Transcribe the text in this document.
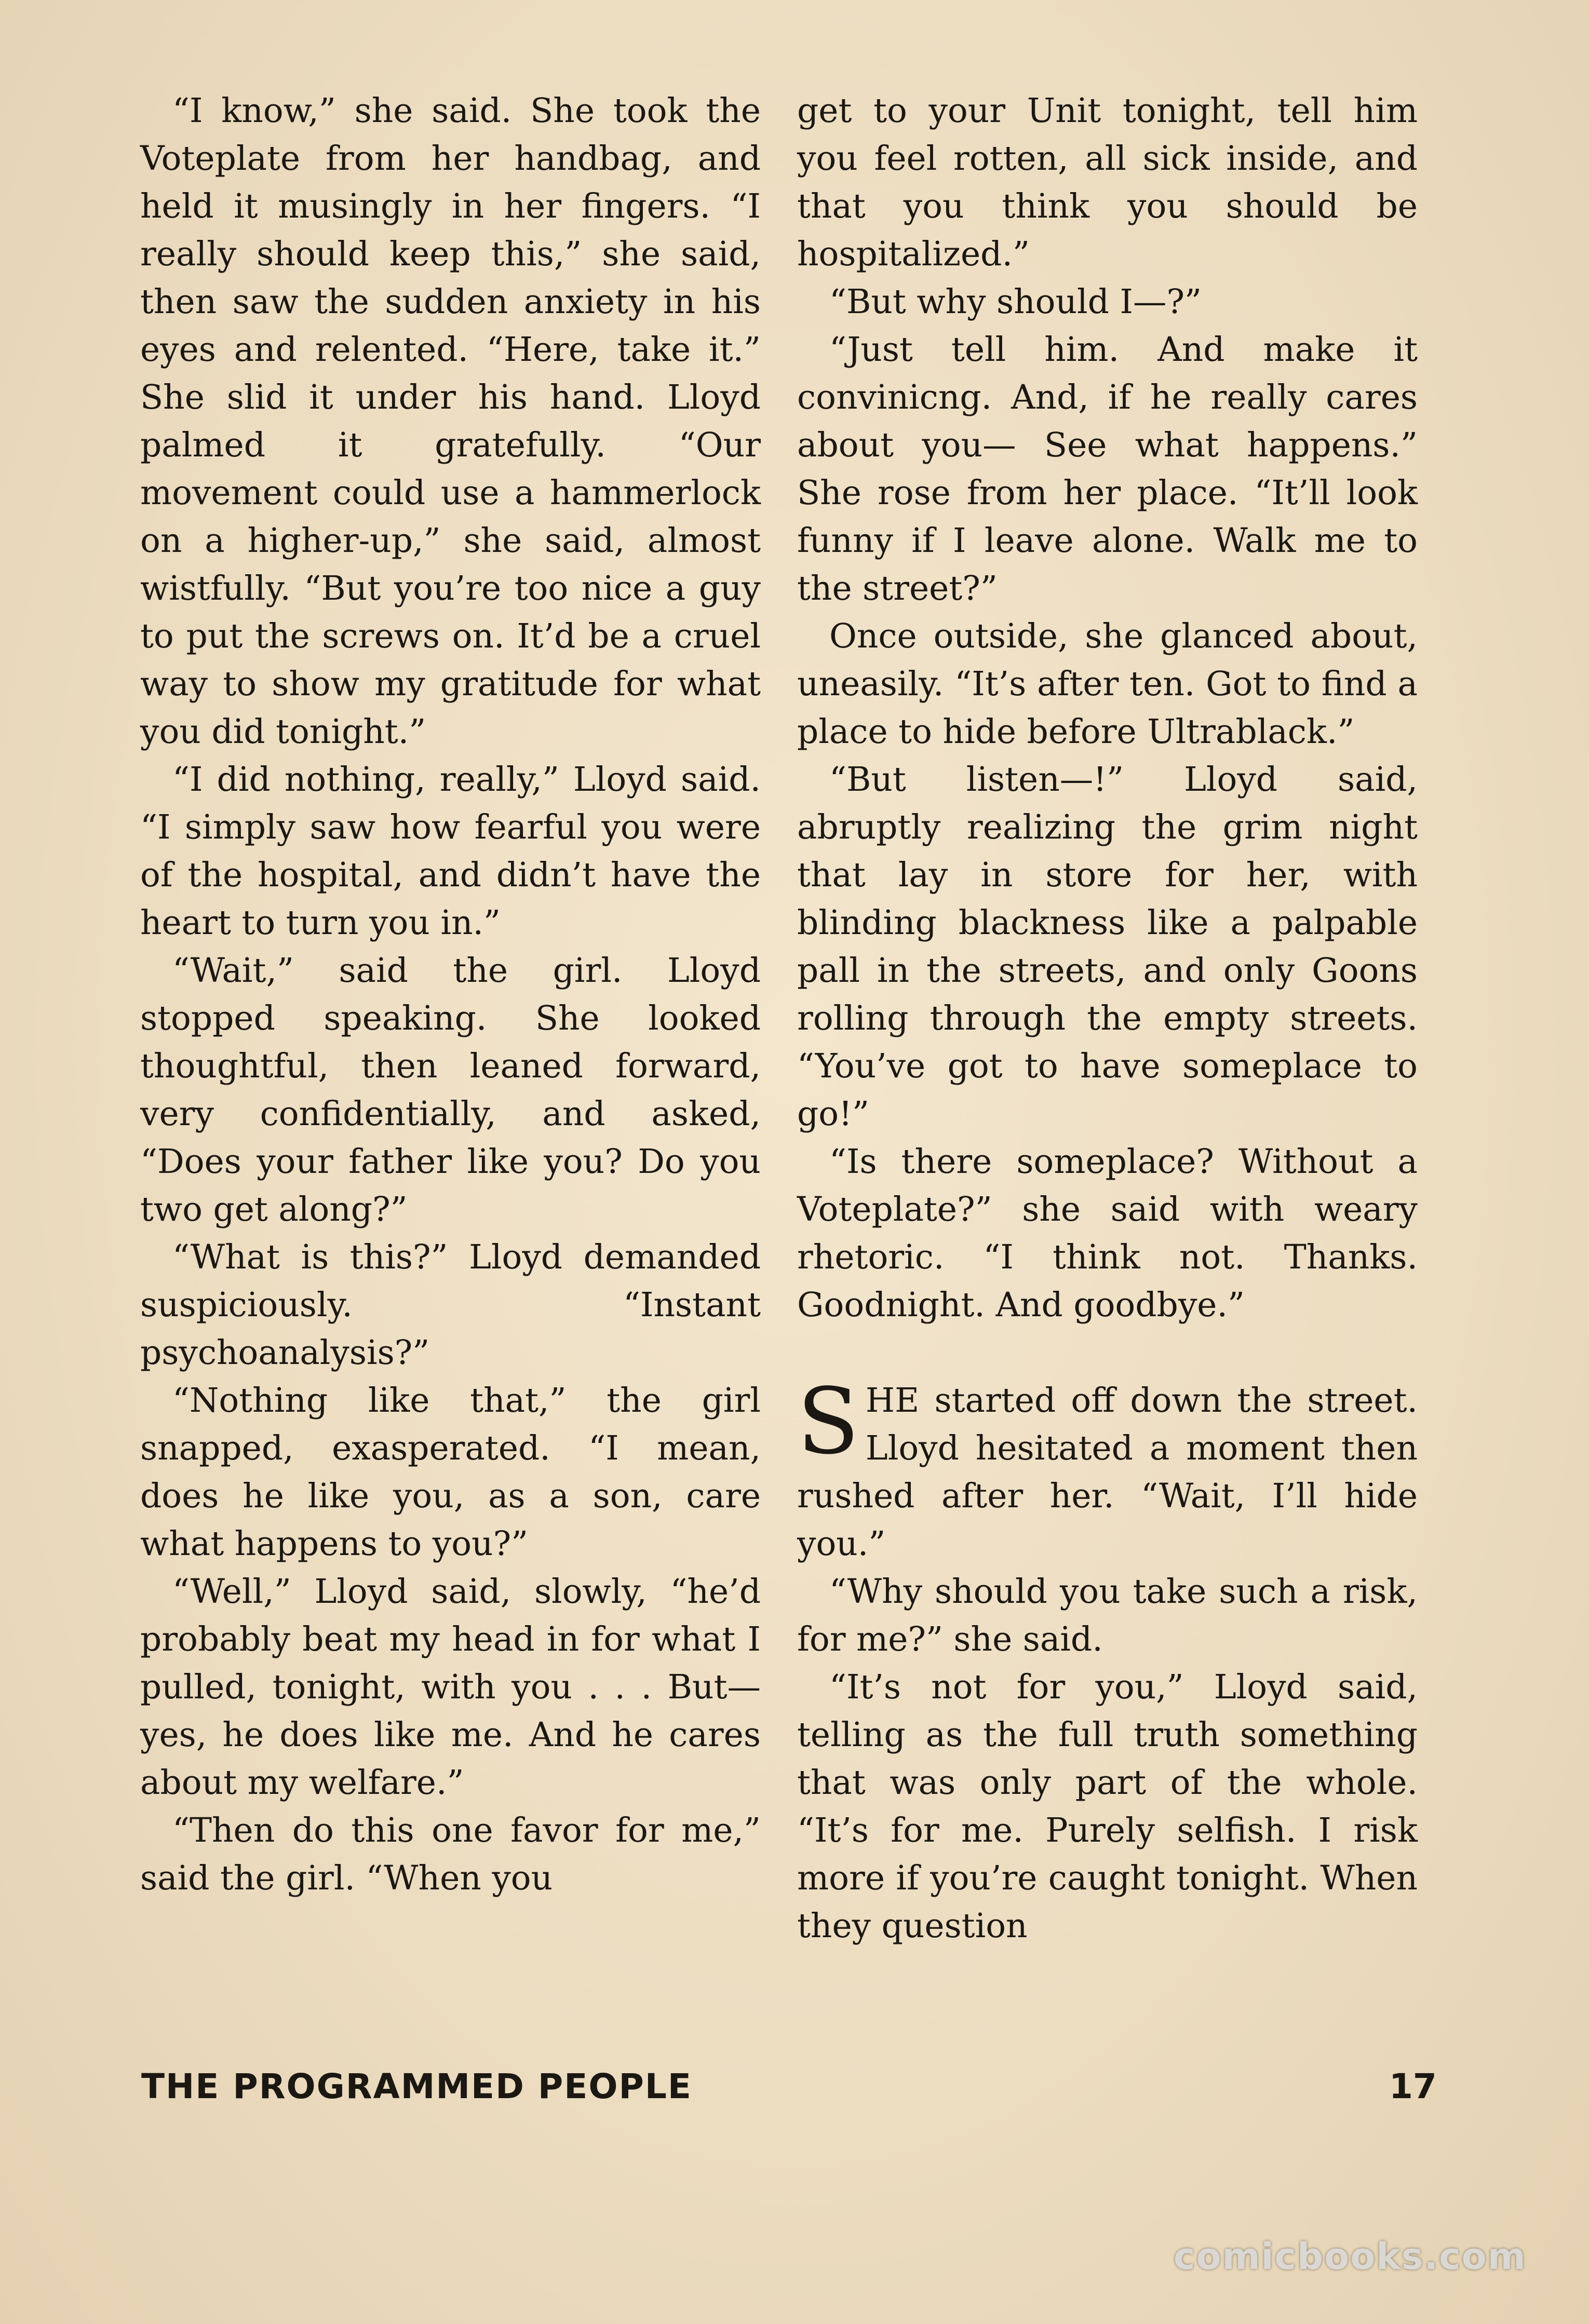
“I know,” she said. She took the Voteplate from her handbag, and held it musingly in her fingers. “I really should keep this,” she said, then saw the sudden anxiety in his eyes and relented. “Here, take it.” She slid it under his hand. Lloyd palmed it gratefully. “Our movement could use a hammerlock on a higher-up,” she said, almost wistfully. “But you’re too nice a guy to put the screws on. It’d be a cruel way to show my gratitude for what you did tonight.”

“I did nothing, really,” Lloyd said. “I simply saw how fearful you were of the hospital, and didn’t have the heart to turn you in.”

“Wait,” said the girl. Lloyd stopped speaking. She looked thoughtful, then leaned forward, very confidentially, and asked, “Does your father like you? Do you two get along?”

“What is this?” Lloyd demanded suspiciously. “Instant psychoanalysis?”

“Nothing like that,” the girl snapped, exasperated. “I mean, does he like you, as a son, care what happens to you?”

“Well,” Lloyd said, slowly, “he’d probably beat my head in for what I pulled, tonight, with you . . . But—yes, he does like me. And he cares about my welfare.”

“Then do this one favor for me,” said the girl. “When you

get to your Unit tonight, tell him you feel rotten, all sick inside, and that you think you should be hospitalized.”

“But why should I—?”

“Just tell him. And make it convinicng. And, if he really cares about you— See what happens.” She rose from her place. “It’ll look funny if I leave alone. Walk me to the street?”

Once outside, she glanced about, uneasily. “It’s after ten. Got to find a place to hide before Ultrablack.”

“But listen—!” Lloyd said, abruptly realizing the grim night that lay in store for her, with blinding blackness like a palpable pall in the streets, and only Goons rolling through the empty streets. “You’ve got to have someplace to go!”

“Is there someplace? Without a Voteplate?” she said with weary rhetoric. “I think not. Thanks. Goodnight. And goodbye.”

SHE started off down the street. Lloyd hesitated a moment then rushed after her. “Wait, I’ll hide you.”

“Why should you take such a risk, for me?” she said.

“It’s not for you,” Lloyd said, telling as the full truth something that was only part of the whole. “It’s for me. Purely selfish. I risk more if you’re caught tonight. When they question

THE PROGRAMMED PEOPLE	17
comicbooks.com
